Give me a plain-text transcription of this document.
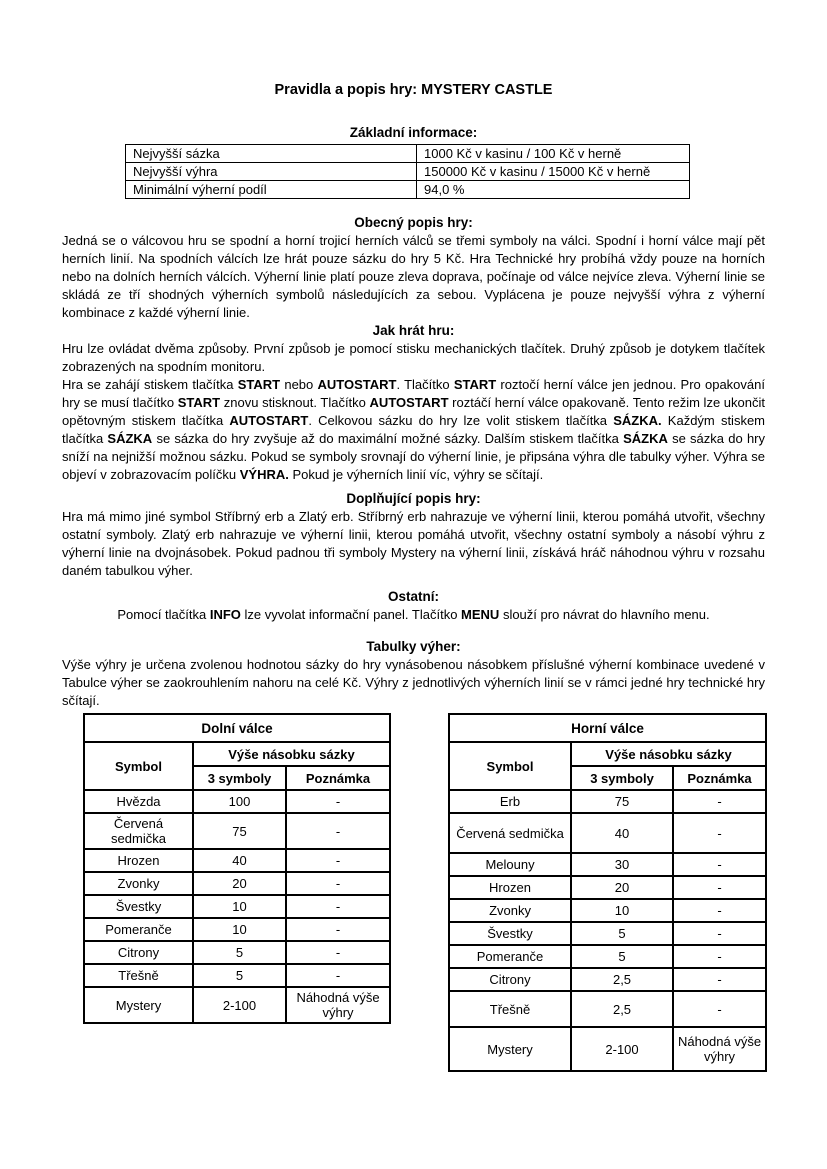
Pravidla a popis hry: MYSTERY CASTLE
Základní informace:
Nejvyšší sázka	1000 Kč v kasinu / 100 Kč v herně
Nejvyšší výhra	150000 Kč v kasinu / 15000 Kč v herně
Minimální výherní podíl	94,0 %
Obecný popis hry:

Jedná se o válcovou hru se spodní a horní trojicí herních válců se třemi symboly na válci. Spodní i horní válce mají pět herních linií. Na spodních válcích lze hrát pouze sázku do hry 5 Kč. Hra Technické hry probíhá vždy pouze na horních nebo na dolních herních válcích. Výherní linie platí pouze zleva doprava, počínaje od válce nejvíce zleva. Výherní linie se skládá ze tří shodných výherních symbolů následujících za sebou. Vyplácena je pouze nejvyšší výhra z výherní kombinace z každé výherní linie.

Jak hrát hru:

Hru lze ovládat dvěma způsoby. První způsob je pomocí stisku mechanických tlačítek. Druhý způsob je dotykem tlačítek zobrazených na spodním monitoru.

Hra se zahájí stiskem tlačítka START nebo AUTOSTART. Tlačítko START roztočí herní válce jen jednou. Pro opakování hry se musí tlačítko START znovu stisknout. Tlačítko AUTOSTART roztáčí herní válce opakovaně. Tento režim lze ukončit opětovným stiskem tlačítka AUTOSTART. Celkovou sázku do hry lze volit stiskem tlačítka SÁZKA. Každým stiskem tlačítka SÁZKA se sázka do hry zvyšuje až do maximální možné sázky. Dalším stiskem tlačítka SÁZKA se sázka do hry sníží na nejnižší možnou sázku. Pokud se symboly srovnají do výherní linie, je připsána výhra dle tabulky výher. Výhra se objeví v zobrazovacím políčku VÝHRA. Pokud je výherních linií víc, výhry se sčítají.

Doplňující popis hry:

Hra má mimo jiné symbol Stříbrný erb a Zlatý erb. Stříbrný erb nahrazuje ve výherní linii, kterou pomáhá utvořit, všechny ostatní symboly. Zlatý erb nahrazuje ve výherní linii, kterou pomáhá utvořit, všechny ostatní symboly a násobí výhru z výherní linie na dvojnásobek. Pokud padnou tři symboly Mystery na výherní linii, získává hráč náhodnou výhru v rozsahu daném tabulkou výher.

Ostatní:

Pomocí tlačítka INFO lze vyvolat informační panel. Tlačítko MENU slouží pro návrat do hlavního menu.

Tabulky výher:

Výše výhry je určena zvolenou hodnotou sázky do hry vynásobenou násobkem příslušné výherní kombinace uvedené v Tabulce výher se zaokrouhlením nahoru na celé Kč. Výhry z jednotlivých výherních linií se v rámci jedné hry technické hry sčítají.

Dolní válce		
Symbol	Výše násobku sázky	
	3 symboly	Poznámka
Hvězda	100	-
Červená sedmička	75	-
Hrozen	40	-
Zvonky	20	-
Švestky	10	-
Pomeranče	10	-
Citrony	5	-
Třešně	5	-
Mystery	2-100	Náhodná výše výhry
Horní válce		
Symbol	Výše násobku sázky	
	3 symboly	Poznámka
Erb	75	-
Červená sedmička	40	-
Melouny	30	-
Hrozen	20	-
Zvonky	10	-
Švestky	5	-
Pomeranče	5	-
Citrony	2,5	-
Třešně	2,5	-
Mystery	2-100	Náhodná výše výhry
